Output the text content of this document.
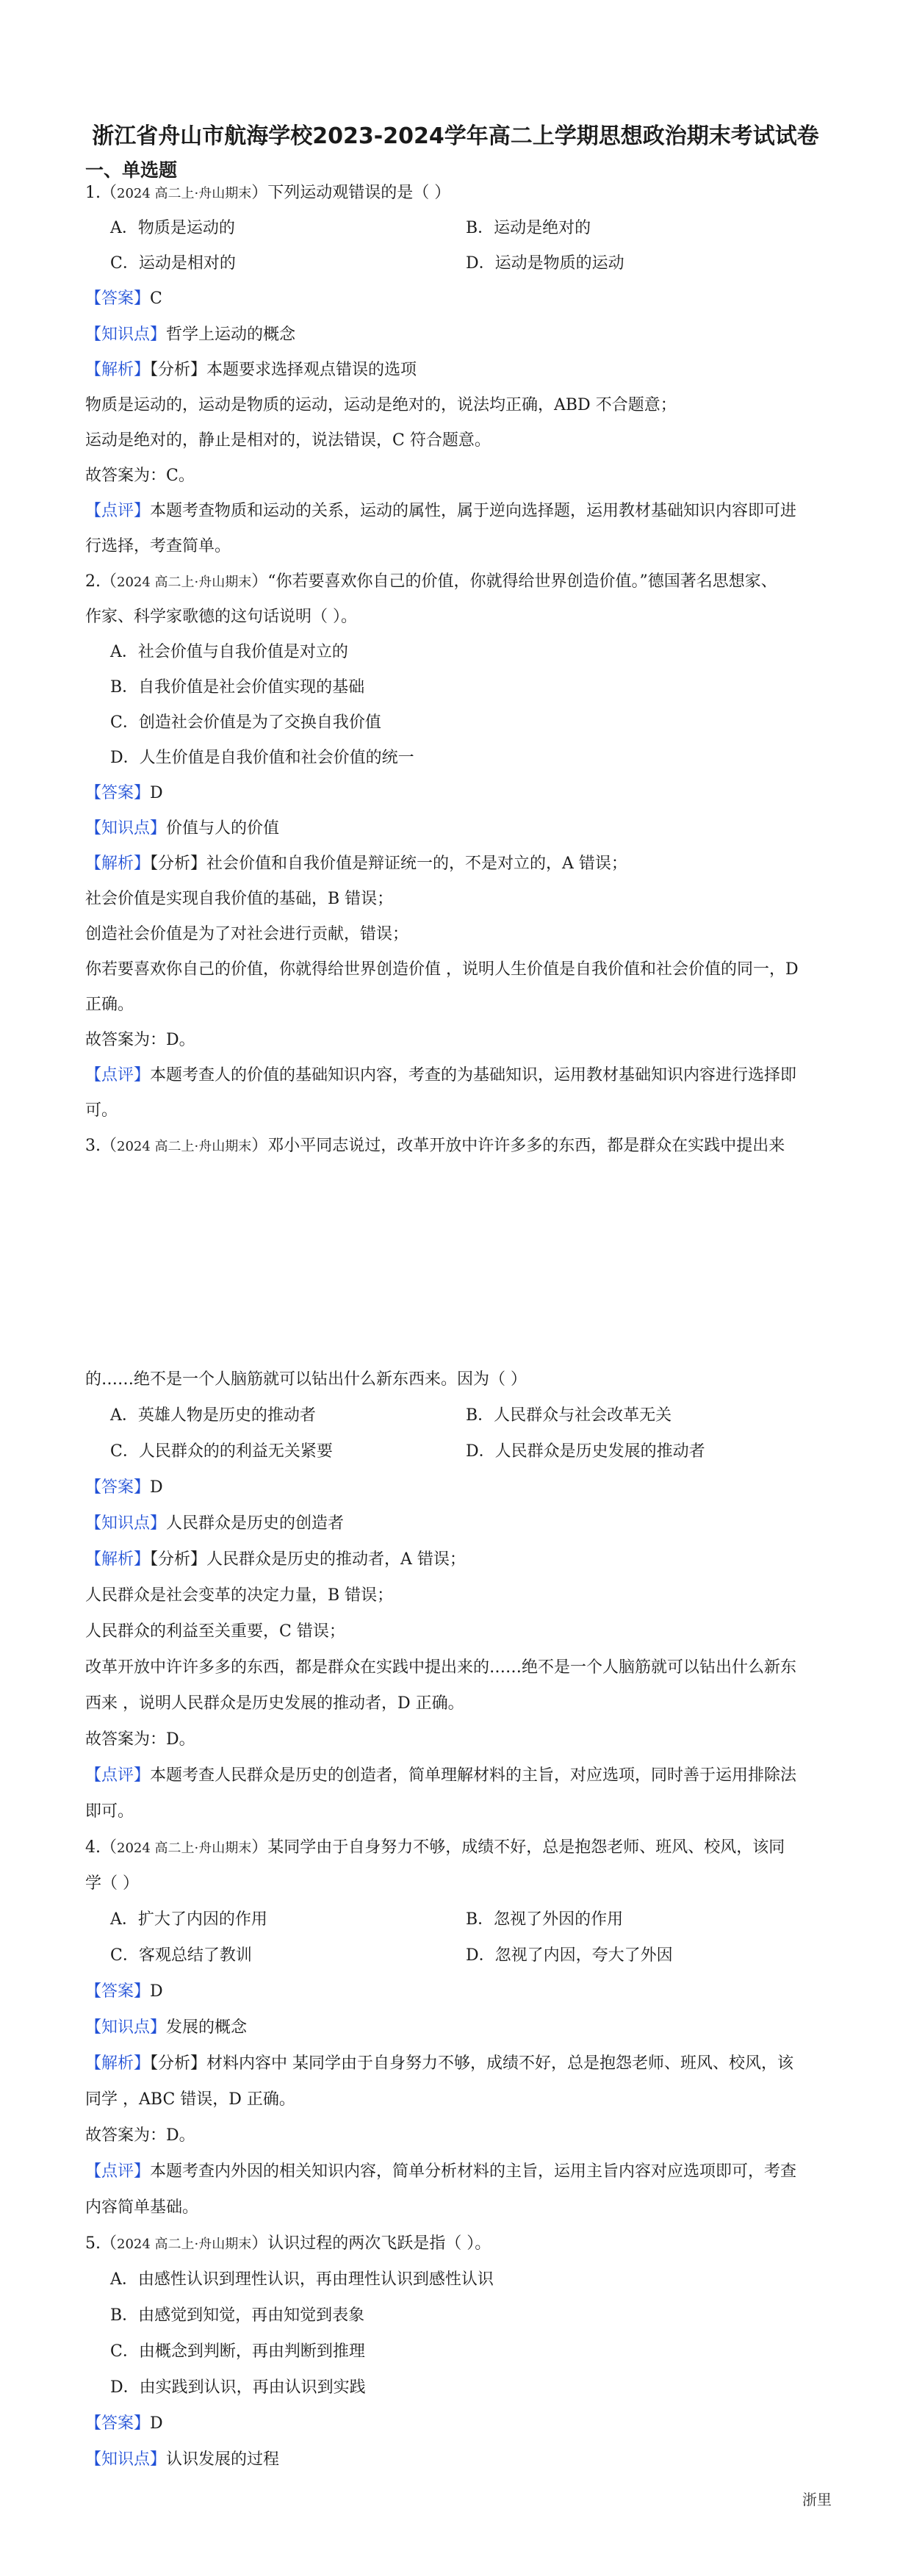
浙江省舟山市航海学校2023-2024学年高二上学期思想政治期末考试试卷
一、单选题
1.（2024 高二上·舟山期末）下列运动观错误的是（ ）
A．物质是运动的	B．运动是绝对的
C．运动是相对的	D．运动是物质的运动
【答案】C
【知识点】哲学上运动的概念
【解析】【分析】本题要求选择观点错误的选项
物质是运动的，运动是物质的运动，运动是绝对的，说法均正确，ABD 不合题意；
运动是绝对的，静止是相对的，说法错误，C 符合题意。
故答案为：C。
【点评】本题考查物质和运动的关系，运动的属性，属于逆向选择题，运用教材基础知识内容即可进
行选择，考查简单。
2.（2024 高二上·舟山期末）“你若要喜欢你自己的价值，你就得给世界创造价值。”德国著名思想家、
作家、科学家歌德的这句话说明（ ）。
A．社会价值与自我价值是对立的
B．自我价值是社会价值实现的基础
C．创造社会价值是为了交换自我价值
D．人生价值是自我价值和社会价值的统一
【答案】D
【知识点】价值与人的价值
【解析】【分析】社会价值和自我价值是辩证统一的，不是对立的，A 错误；
社会价值是实现自我价值的基础，B 错误；
创造社会价值是为了对社会进行贡献，错误；
你若要喜欢你自己的价值，你就得给世界创造价值 ，说明人生价值是自我价值和社会价值的同一，D
正确。
故答案为：D。
【点评】本题考查人的价值的基础知识内容，考查的为基础知识，运用教材基础知识内容进行选择即
可。
3.（2024 高二上·舟山期末）邓小平同志说过，改革开放中许许多多的东西，都是群众在实践中提出来
的……绝不是一个人脑筋就可以钻出什么新东西来。因为（ ）
A．英雄人物是历史的推动者	B．人民群众与社会改革无关
C．人民群众的的利益无关紧要	D．人民群众是历史发展的推动者
【答案】D
【知识点】人民群众是历史的创造者
【解析】【分析】人民群众是历史的推动者，A 错误；
人民群众是社会变革的决定力量，B 错误；
人民群众的利益至关重要，C 错误；
改革开放中许许多多的东西，都是群众在实践中提出来的……绝不是一个人脑筋就可以钻出什么新东
西来 ，说明人民群众是历史发展的推动者，D 正确。
故答案为：D。
【点评】本题考查人民群众是历史的创造者，简单理解材料的主旨，对应选项，同时善于运用排除法
即可。
4.（2024 高二上·舟山期末）某同学由于自身努力不够，成绩不好，总是抱怨老师、班风、校风，该同
学（ ）
A．扩大了内因的作用	B．忽视了外因的作用
C．客观总结了教训	D．忽视了内因，夸大了外因
【答案】D
【知识点】发展的概念
【解析】【分析】材料内容中 某同学由于自身努力不够，成绩不好，总是抱怨老师、班风、校风，该
同学 ，ABC 错误，D 正确。
故答案为：D。
【点评】本题考查内外因的相关知识内容，简单分析材料的主旨，运用主旨内容对应选项即可，考查
内容简单基础。
5.（2024 高二上·舟山期末）认识过程的两次飞跃是指（ ）。
A．由感性认识到理性认识，再由理性认识到感性认识
B．由感觉到知觉，再由知觉到表象
C．由概念到判断，再由判断到推理
D．由实践到认识，再由认识到实践
【答案】D
【知识点】认识发展的过程
浙里
